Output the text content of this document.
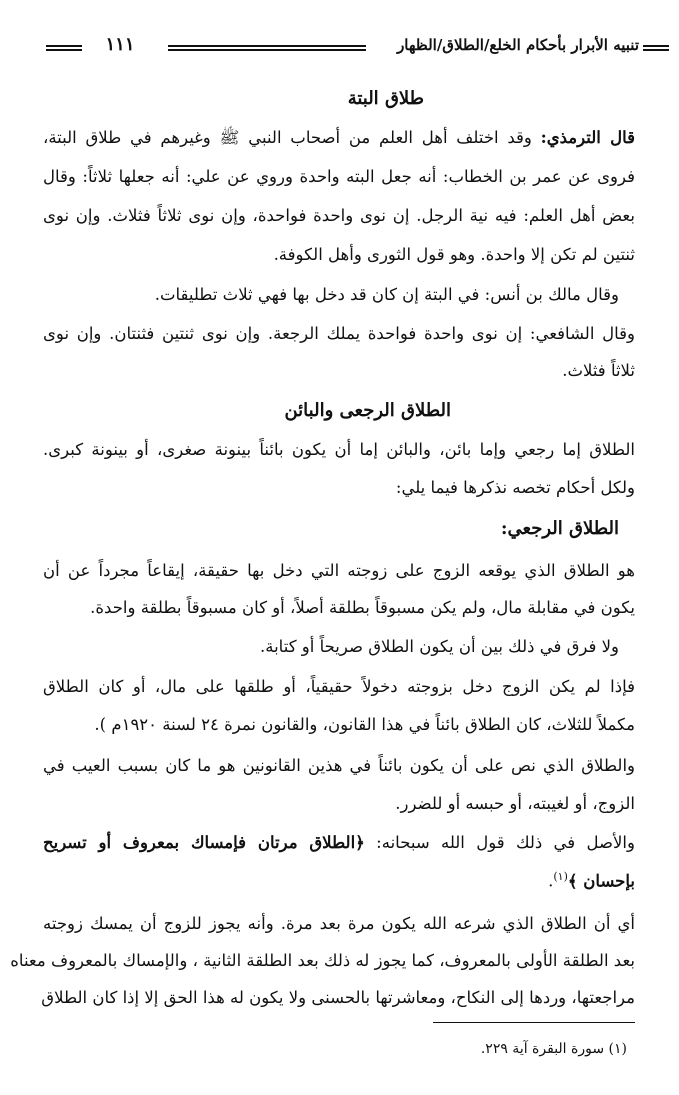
تنبيه الأبرار بأحكام الخلع/الطلاق/الظهار
١١١
طلاق البتة
قال الترمذي: وقد اختلف أهل العلم من أصحاب النبي ﷺ وغيرهم في طلاق البتة،
فروى عن عمر بن الخطاب: أنه جعل البته واحدة وروي عن علي: أنه جعلها ثلاثاً: وقال
بعض أهل العلم: فيه نية الرجل. إن نوى واحدة فواحدة، وإن نوى ثلاثاً فثلاث. وإن نوى
ثنتين لم تكن إلا واحدة. وهو قول الثورى وأهل الكوفة.
وقال مالك بن أنس: في البتة إن كان قد دخل بها فهي ثلاث تطليقات.
وقال الشافعي: إن نوى واحدة فواحدة يملك الرجعة. وإن نوى ثنتين فثنتان. وإن نوى
ثلاثاً فثلاث.
الطلاق الرجعى والبائن
الطلاق إما رجعي وإما بائن، والبائن إما أن يكون بائناً بينونة صغرى، أو بينونة كبرى.
ولكل أحكام تخصه نذكرها فيما يلي:
الطلاق الرجعي:
هو الطلاق الذي يوقعه الزوج على زوجته التي دخل بها حقيقة، إيقاعاً مجرداً عن أن
يكون في مقابلة مال، ولم يكن مسبوقاً بطلقة أصلاً، أو كان مسبوقاً بطلقة واحدة.
ولا فرق في ذلك بين أن يكون الطلاق صريحاً أو كتابة.
فإذا لم يكن الزوج دخل بزوجته دخولاً حقيقياً، أو طلقها على مال، أو كان الطلاق
مكملاً للثلاث، كان الطلاق بائناً في هذا القانون، والقانون نمرة ٢٤ لسنة ١٩٢٠م ).
والطلاق الذي نص على أن يكون بائناً في هذين القانونين هو ما كان بسبب العيب في
الزوج، أو لغيبته، أو حبسه أو للضرر.
والأصل في ذلك قول الله سبحانه: ﴿الطلاق مرتان فإمساك بمعروف أو تسريح
بإحسان ﴾$^{(١)}$.
أي أن الطلاق الذي شرعه الله يكون مرة بعد مرة. وأنه يجوز للزوج أن يمسك زوجته
بعد الطلقة الأولى بالمعروف، كما يجوز له ذلك بعد الطلقة الثانية ، والإمساك بالمعروف معناه
مراجعتها، وردها إلى النكاح، ومعاشرتها بالحسنى ولا يكون له هذا الحق إلا إذا كان الطلاق
(١) سورة البقرة آية ٢٢٩.
